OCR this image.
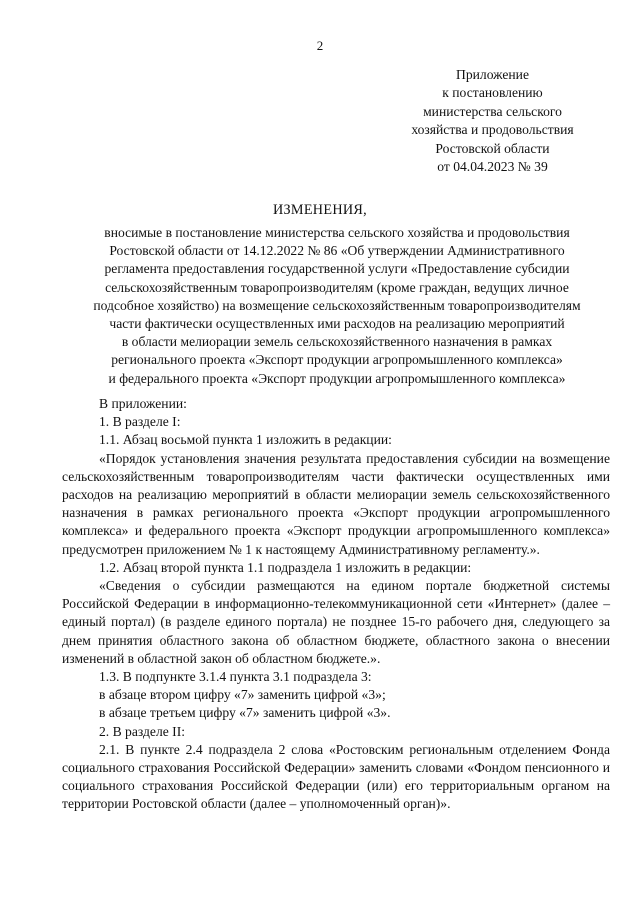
2
Приложение
к постановлению
министерства сельского
хозяйства и продовольствия
Ростовской области
от 04.04.2023 № 39
ИЗМЕНЕНИЯ,
вносимые в постановление министерства сельского хозяйства и продовольствия
Ростовской области от 14.12.2022 № 86 «Об утверждении Административного
регламента предоставления государственной услуги «Предоставление субсидии
сельскохозяйственным товаропроизводителям (кроме граждан, ведущих личное
подсобное хозяйство) на возмещение сельскохозяйственным товаропроизводителям
части фактически осуществленных ими расходов на реализацию мероприятий
в области мелиорации земель сельскохозяйственного назначения в рамках
регионального проекта «Экспорт продукции агропромышленного комплекса»
и федерального проекта «Экспорт продукции агропромышленного комплекса»

В приложении:

1. В разделе I:

1.1. Абзац восьмой пункта 1 изложить в редакции:

«Порядок установления значения результата предоставления субсидии на возмещение сельскохозяйственным товаропроизводителям части фактически осуществленных ими расходов на реализацию мероприятий в области мелиорации земель сельскохозяйственного назначения в рамках регионального проекта «Экспорт продукции агропромышленного комплекса» и федерального проекта «Экспорт продукции агропромышленного комплекса» предусмотрен приложением № 1 к настоящему Административному регламенту.».

1.2. Абзац второй пункта 1.1 подраздела 1 изложить в редакции:

«Сведения о субсидии размещаются на едином портале бюджетной системы Российской Федерации в информационно-телекоммуникационной сети «Интернет» (далее – единый портал) (в разделе единого портала) не позднее 15-го рабочего дня, следующего за днем принятия областного закона об областном бюджете, областного закона о внесении изменений в областной закон об областном бюджете.».

1.3. В подпункте 3.1.4 пункта 3.1 подраздела 3:

в абзаце втором цифру «7» заменить цифрой «3»;

в абзаце третьем цифру «7» заменить цифрой «3».

2. В разделе II:

2.1. В пункте 2.4 подраздела 2 слова «Ростовским региональным отделением Фонда социального страхования Российской Федерации» заменить словами «Фондом пенсионного и социального страхования Российской Федерации (или) его территориальным органом на территории Ростовской области (далее – уполномоченный орган)».
